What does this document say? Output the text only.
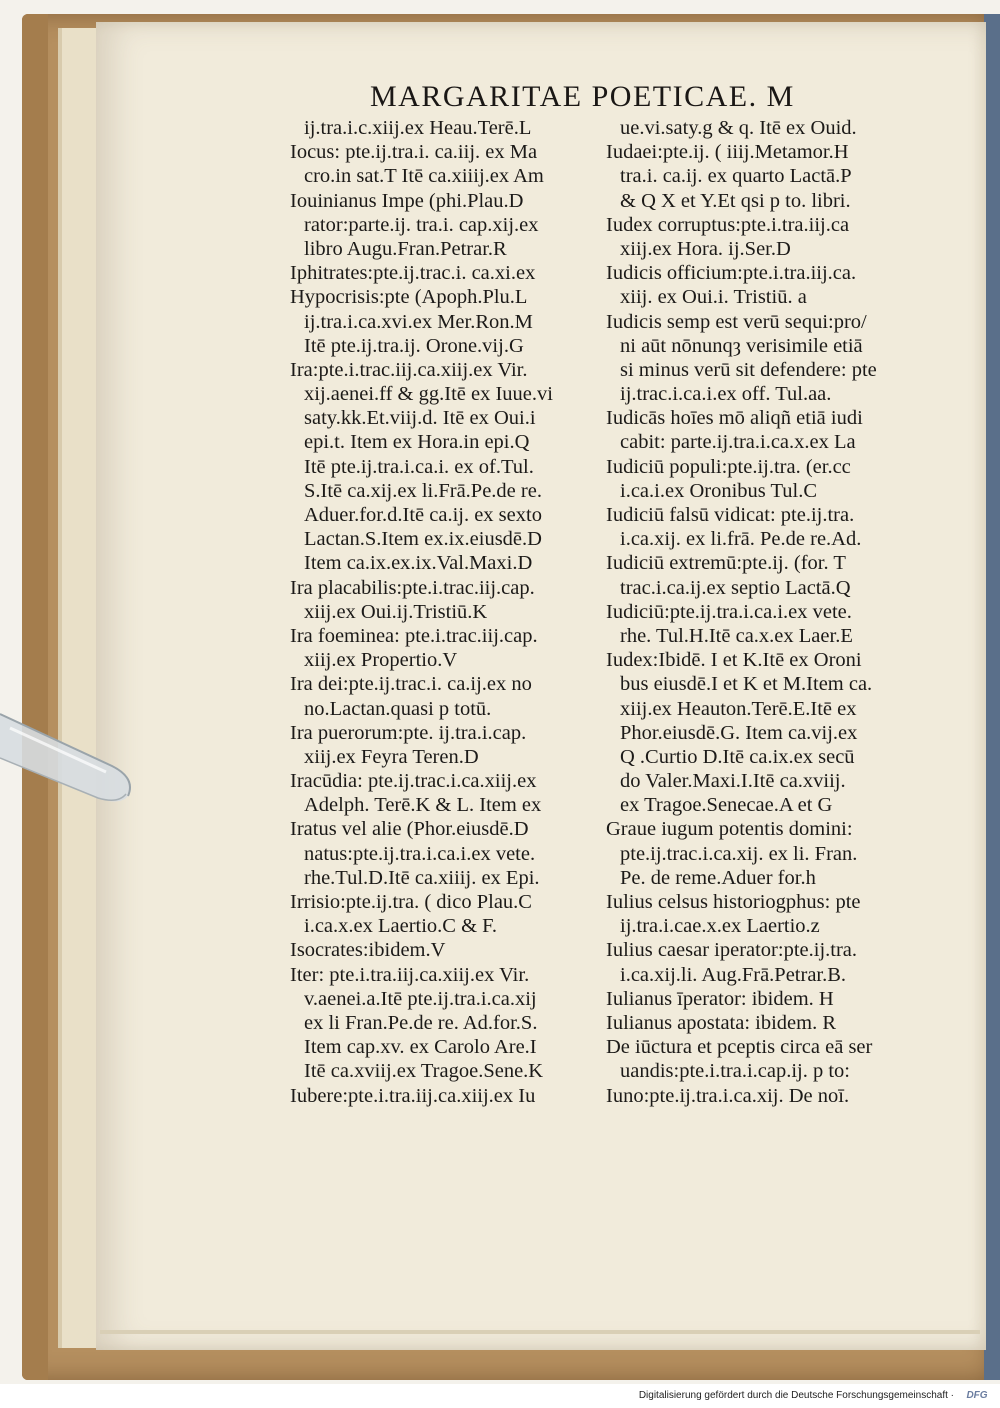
MARGARITAE POETICAE. M
ij.tra.i.c.xiij.ex Heau.Terē.L
Iocus: pte.ij.tra.i. ca.iij. ex Ma
cro.in sat.T Itē ca.xiiij.ex Am
Iouinianus Impe (phi.Plau.D
rator:parte.ij. tra.i. cap.xij.ex
libro Augu.Fran.Petrar.R
Iphitrates:pte.ij.trac.i. ca.xi.ex
Hypocrisis:pte (Apoph.Plu.L
ij.tra.i.ca.xvi.ex Mer.Ron.M
Itē pte.ij.tra.ij. Orone.vij.G
Ira:pte.i.trac.iij.ca.xiij.ex Vir.
xij.aenei.ff & gg.Itē ex Iuue.vi
saty.kk.Et.viij.d. Itē ex Oui.i
epi.t. Item ex Hora.in epi.Q
Itē pte.ij.tra.i.ca.i. ex of.Tul.
S.Itē ca.xij.ex li.Frā.Pe.de re.
Aduer.for.d.Itē ca.ij. ex sexto
Lactan.S.Item ex.ix.eiusdē.D
Item ca.ix.ex.ix.Val.Maxi.D
Ira placabilis:pte.i.trac.iij.cap.
xiij.ex Oui.ij.Tristiū.K
Ira foeminea: pte.i.trac.iij.cap.
xiij.ex Propertio.V
Ira dei:pte.ij.trac.i. ca.ij.ex no
no.Lactan.quasi p totū.
Ira puerorum:pte. ij.tra.i.cap.
xiij.ex Feyra Teren.D
Iracūdia: pte.ij.trac.i.ca.xiij.ex
Adelph. Terē.K & L. Item ex
Iratus vel alie (Phor.eiusdē.D
natus:pte.ij.tra.i.ca.i.ex vete.
rhe.Tul.D.Itē ca.xiiij. ex Epi.
Irrisio:pte.ij.tra. ( dico Plau.C
i.ca.x.ex Laertio.C & F.
Isocrates:ibidem.V
Iter: pte.i.tra.iij.ca.xiij.ex Vir.
v.aenei.a.Itē pte.ij.tra.i.ca.xij
ex li Fran.Pe.de re. Ad.for.S.
Item cap.xv. ex Carolo Are.I
Itē ca.xviij.ex Tragoe.Sene.K
Iubere:pte.i.tra.iij.ca.xiij.ex Iu
ue.vi.saty.g & q. Itē ex Ouid.
Iudaei:pte.ij. ( iiij.Metamor.H
tra.i. ca.ij. ex quarto Lactā.P
& Q X et Y.Et qsi p to. libri.
Iudex corruptus:pte.i.tra.iij.ca
xiij.ex Hora. ij.Ser.D
Iudicis officium:pte.i.tra.iij.ca.
xiij. ex Oui.i. Tristiū. a
Iudicis semp est verū sequi:pro/
ni aūt nōnunqȝ verisimile etiā
si minus verū sit defendere: pte
ij.trac.i.ca.i.ex off. Tul.aa.
Iudicās hoīes mō aliqñ etiā iudi
cabit: parte.ij.tra.i.ca.x.ex La
Iudiciū populi:pte.ij.tra. (er.cc
i.ca.i.ex Oronibus Tul.C
Iudiciū falsū vidicat: pte.ij.tra.
i.ca.xij. ex li.frā. Pe.de re.Ad.
Iudiciū extremū:pte.ij. (for. T
trac.i.ca.ij.ex septio Lactā.Q
Iudiciū:pte.ij.tra.i.ca.i.ex vete.
rhe. Tul.H.Itē ca.x.ex Laer.E
Iudex:Ibidē. I et K.Itē ex Oroni
bus eiusdē.I et K et M.Item ca.
xiij.ex Heauton.Terē.E.Itē ex
Phor.eiusdē.G. Item ca.vij.ex
Q .Curtio D.Itē ca.ix.ex secū
do Valer.Maxi.I.Itē ca.xviij.
ex Tragoe.Senecae.A et G
Graue iugum potentis domini:
pte.ij.trac.i.ca.xij. ex li. Fran.
Pe. de reme.Aduer for.h
Iulius celsus historiogphus: pte
ij.tra.i.cae.x.ex Laertio.z
Iulius caesar iperator:pte.ij.tra.
i.ca.xij.li. Aug.Frā.Petrar.B.
Iulianus īperator: ibidem. H
Iulianus apostata: ibidem. R
De iūctura et pceptis circa eā ser
uandis:pte.i.tra.i.cap.ij. p to:
Iuno:pte.ij.tra.i.ca.xij. De noī.
Digitalisierung gefördert durch die Deutsche Forschungsgemeinschaft ·	DFG
